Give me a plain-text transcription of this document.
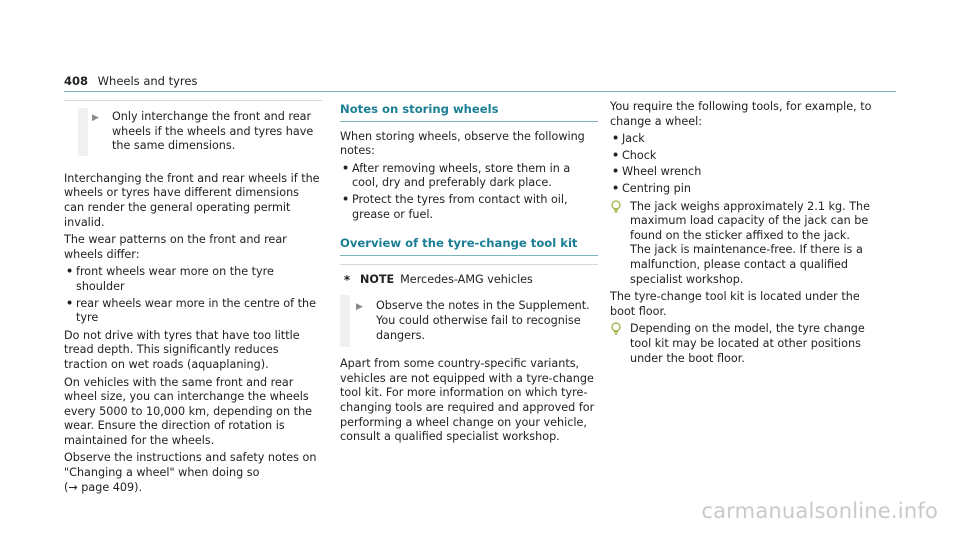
408 Wheels and tyres
▶	Only interchange the front and rear wheels if the wheels and tyres have the same dimensions.

Interchanging the front and rear wheels if the wheels or tyres have different dimensions can render the general operating permit invalid.

The wear patterns on the front and rear wheels differ:

• front wheels wear more on the tyre shoulder
• rear wheels wear more in the centre of the tyre

Do not drive with tyres that have too little tread depth. This significantly reduces traction on wet roads (aquaplaning).

On vehicles with the same front and rear wheel size, you can interchange the wheels every 5000 to 10,000 km, depending on the wear. Ensure the direction of rotation is maintained for the wheels.

Observe the instructions and safety notes on "Changing a wheel" when doing so
(→ page 409).

Notes on storing wheels

When storing wheels, observe the following notes:

• After removing wheels, store them in a cool, dry and preferably dark place.
• Protect the tyres from contact with oil, grease or fuel.
Overview of the tyre-change tool kit
* NOTE Mercedes-AMG vehicles
▶	Observe the notes in the Supplement. You could otherwise fail to recognise dangers.

Apart from some country-specific variants, vehicles are not equipped with a tyre-change tool kit. For more information on which tyre-changing tools are required and approved for performing a wheel change on your vehicle, consult a qualified specialist workshop.

You require the following tools, for example, to change a wheel:

• Jack
• Chock
• Wheel wrench
• Centring pin
The jack weighs approximately 2.1 kg. The maximum load capacity of the jack can be found on the sticker affixed to the jack. The jack is maintenance-free. If there is a malfunction, please contact a qualified specialist workshop.

The tyre-change tool kit is located under the boot floor.

Depending on the model, the tyre change tool kit may be located at other positions under the boot floor.
carmanualsonline.info
